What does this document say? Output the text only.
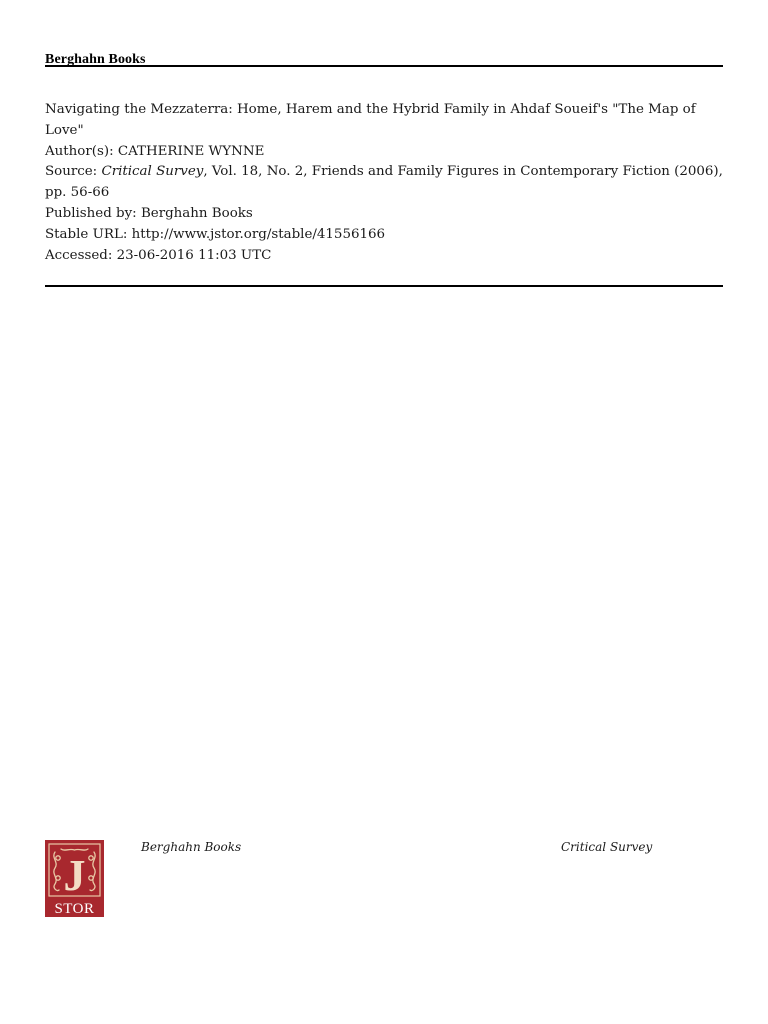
Berghahn Books
Navigating the Mezzaterra: Home, Harem and the Hybrid Family in Ahdaf Soueif's "The Map of Love"
Author(s): CATHERINE WYNNE
Source: Critical Survey, Vol. 18, No. 2, Friends and Family Figures in Contemporary Fiction (2006), pp. 56-66
Published by: Berghahn Books
Stable URL: http://www.jstor.org/stable/41556166
Accessed: 23-06-2016 11:03 UTC
J
STOR
Berghahn Books	Critical Survey
